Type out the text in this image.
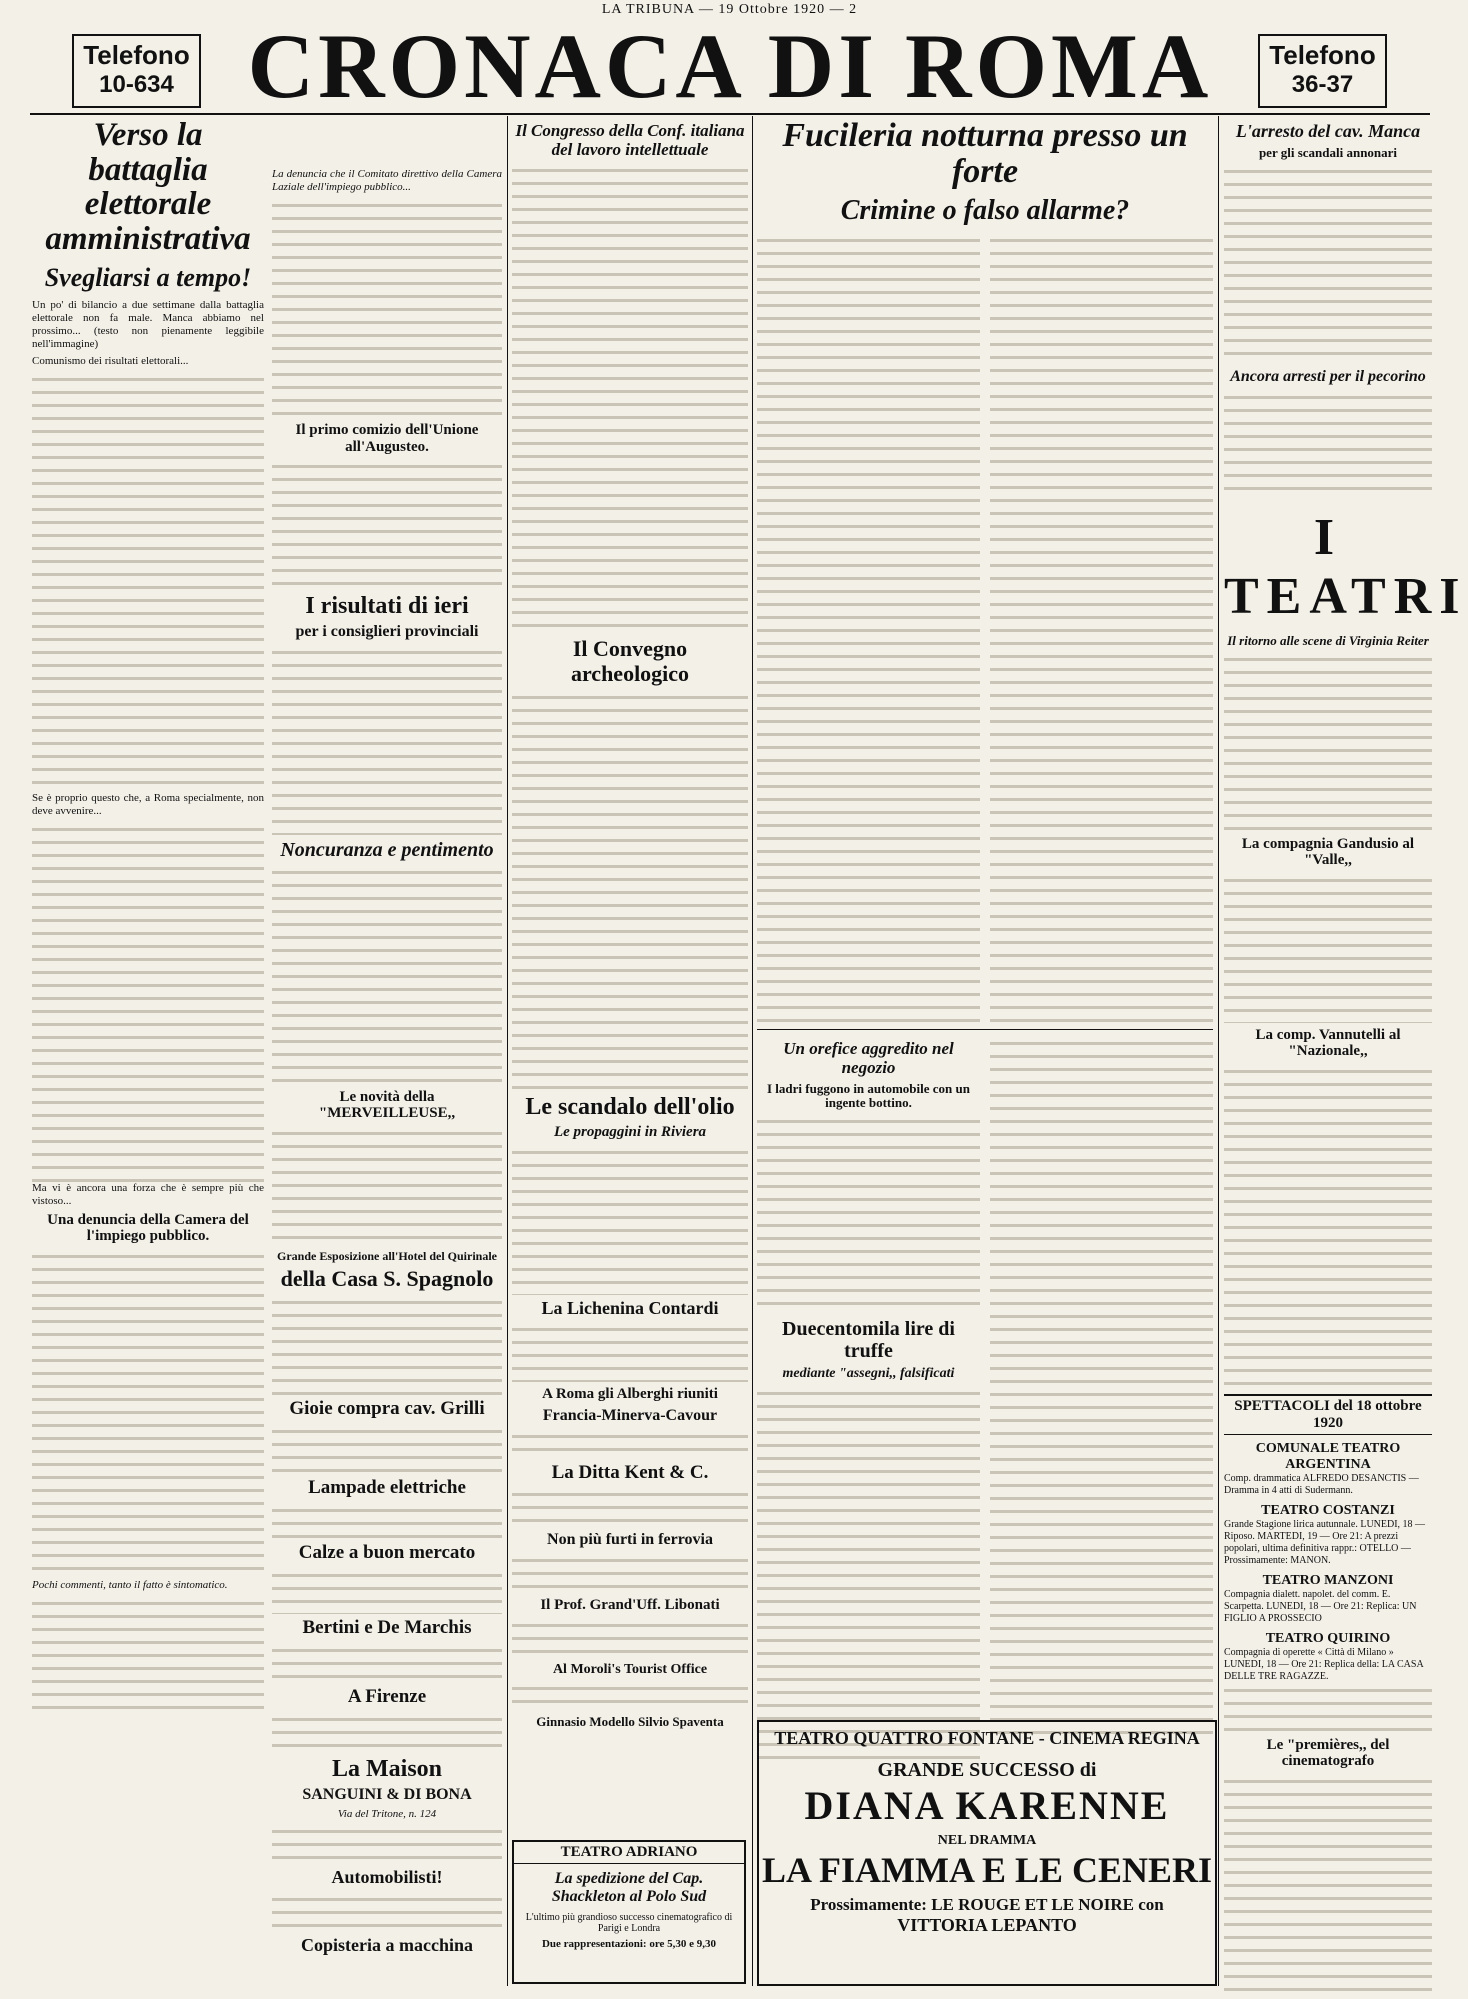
LA TRIBUNA — 19 Ottobre 1920 — 2
Telefono
10-634
Telefono
36-37
CRONACA DI ROMA
Verso la battaglia elettorale amministrativa
Svegliarsi a tempo!

Un po' di bilancio a due settimane dalla battaglia elettorale non fa male. Manca abbiamo nel prossimo... (testo non pienamente leggibile nell'immagine)

Comunismo dei risultati elettorali...

Se è proprio questo che, a Roma specialmente, non deve avvenire...

Ma vi è ancora una forza che è sempre più che vistoso...

Una denuncia della Camera del l'impiego pubblico.

Pochi commenti, tanto il fatto è sintomatico.

La denuncia che il Comitato direttivo della Camera Laziale dell'impiego pubblico...

Il primo comizio dell'Unione all'Augusteo.
I risultati di ieri
per i consiglieri provinciali
Noncuranza e pentimento
Le novità della "MERVEILLEUSE,,
Grande Esposizione all'Hotel del Quirinale
della Casa S. Spagnolo
Gioie compra cav. Grilli
Lampade elettriche
Calze a buon mercato
Bertini e De Marchis
A Firenze
La Maison
SANGUINI & DI BONA
Via del Tritone, n. 124
Automobilisti!
Copisteria a macchina
Il Congresso della Conf. italiana del lavoro intellettuale
Il Convegno archeologico
Le scandalo dell'olio
Le propaggini in Riviera
La Lichenina Contardi
A Roma gli Alberghi riuniti
Francia-Minerva-Cavour
La Ditta Kent & C.
Non più furti in ferrovia
Il Prof. Grand'Uff. Libonati
Al Moroli's Tourist Office
Ginnasio Modello Silvio Spaventa
TEATRO ADRIANO
La spedizione del Cap. Shackleton al Polo Sud
L'ultimo più grandioso successo cinematografico di Parigi e Londra
Due rappresentazioni: ore 5,30 e 9,30
Fucileria notturna presso un forte
Crimine o falso allarme?
Un orefice aggredito nel negozio
I ladri fuggono in automobile con un ingente bottino.
Duecentomila lire di truffe
mediante "assegni,, falsificati
TEATRO QUATTRO FONTANE - CINEMA REGINA
GRANDE SUCCESSO di
DIANA KARENNE
NEL DRAMMA
LA FIAMMA E LE CENERI
Prossimamente: LE ROUGE ET LE NOIRE con
VITTORIA LEPANTO
L'arresto del cav. Manca
per gli scandali annonari
Ancora arresti per il pecorino
I TEATRI
Il ritorno alle scene di Virginia Reiter
La compagnia Gandusio al "Valle,,
La comp. Vannutelli al "Nazionale,,
SPETTACOLI del 18 ottobre 1920
COMUNALE TEATRO ARGENTINA
Comp. drammatica ALFREDO DESANCTIS — Dramma in 4 atti di Sudermann.
TEATRO COSTANZI
Grande Stagione lirica autunnale. LUNEDI, 18 — Riposo. MARTEDI, 19 — Ore 21: A prezzi popolari, ultima definitiva rappr.: OTELLO — Prossimamente: MANON.
TEATRO MANZONI
Compagnia dialett. napolet. del comm. E. Scarpetta. LUNEDI, 18 — Ore 21: Replica: UN FIGLIO A PROSSECIO
TEATRO QUIRINO
Compagnia di operette « Città di Milano » LUNEDI, 18 — Ore 21: Replica della: LA CASA DELLE TRE RAGAZZE.
Le "premières,, del cinematografo
